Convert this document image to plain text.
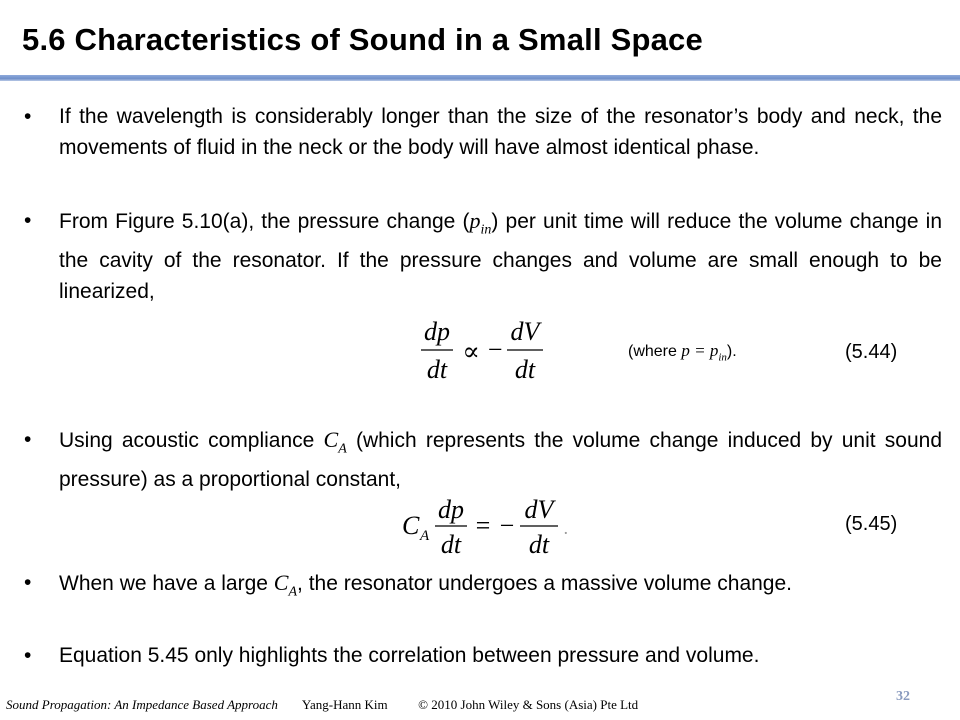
5.6 Characteristics of Sound in a Small Space
• If the wavelength is considerably longer than the size of the resonator’s body and neck, the movements of fluid in the neck or the body will have almost identical phase.
• From Figure 5.10(a), the pressure change $(p_{in})$ per unit time will reduce the volume change in the cavity of the resonator. If the pressure changes and volume are small enough to be linearized,
dp
dt
∝ −
dV
dt
(where $p = p_{in}$).	(5.44)
• Using acoustic compliance $C_A$ (which represents the volume change induced by unit sound pressure) as a proportional constant,
C A
dp
dt
= −
dV
dt
.	(5.45)
• When we have a large $C_A$, the resonator undergoes a massive volume change.
• Equation 5.45 only highlights the correlation between pressure and volume.
Sound Propagation: An Impedance Based Approach Yang-Hann Kim © 2010 John Wiley & Sons (Asia) Pte Ltd
32
